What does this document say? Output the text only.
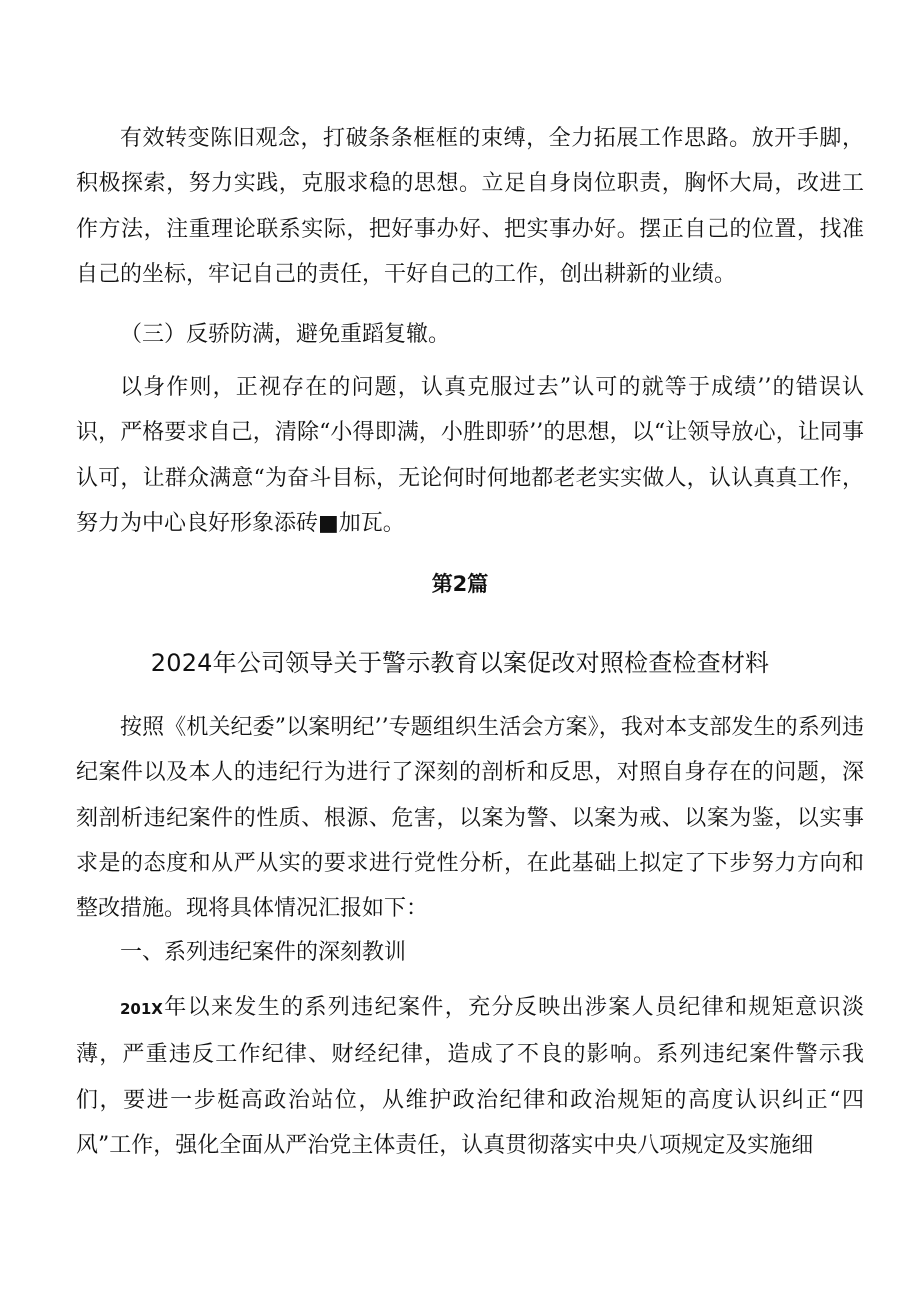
有效转变陈旧观念，打破条条框框的束缚，全力拓展工作思路。放开手脚，积极探索，努力实践，克服求稳的思想。立足自身岗位职责，胸怀大局，改进工作方法，注重理论联系实际，把好事办好、把实事办好。摆正自己的位置，找准自己的坐标，牢记自己的责任，干好自己的工作，创出耕新的业绩。

（三）反骄防满，避免重蹈复辙。

以身作则，正视存在的问题，认真克服过去”认可的就等于成绩’’的错误认识，严格要求自己，清除“小得即满，小胜即骄’’的思想，以“让领导放心，让同事认可，让群众满意“为奋斗目标，无论何时何地都老老实实做人，认认真真工作，努力为中心良好形象添砖■加瓦。

第2篇

2024年公司领导关于警示教育以案促改对照检查检查材料

按照《机关纪委”以案明纪’’专题组织生活会方案》，我对本支部发生的系列违纪案件以及本人的违纪行为进行了深刻的剖析和反思，对照自身存在的问题，深刻剖析违纪案件的性质、根源、危害，以案为警、以案为戒、以案为鉴，以实事求是的态度和从严从实的要求进行党性分析，在此基础上拟定了下步努力方向和整改措施。现将具体情况汇报如下：

一、系列违纪案件的深刻教训

201X年以来发生的系列违纪案件，充分反映出涉案人员纪律和规矩意识淡薄，严重违反工作纪律、财经纪律，造成了不良的影响。系列违纪案件警示我们，要进一步梃高政治站位，从维护政治纪律和政治规矩的高度认识纠正“四风”工作，强化全面从严治党主体责任，认真贯彻落实中央八项规定及实施细
